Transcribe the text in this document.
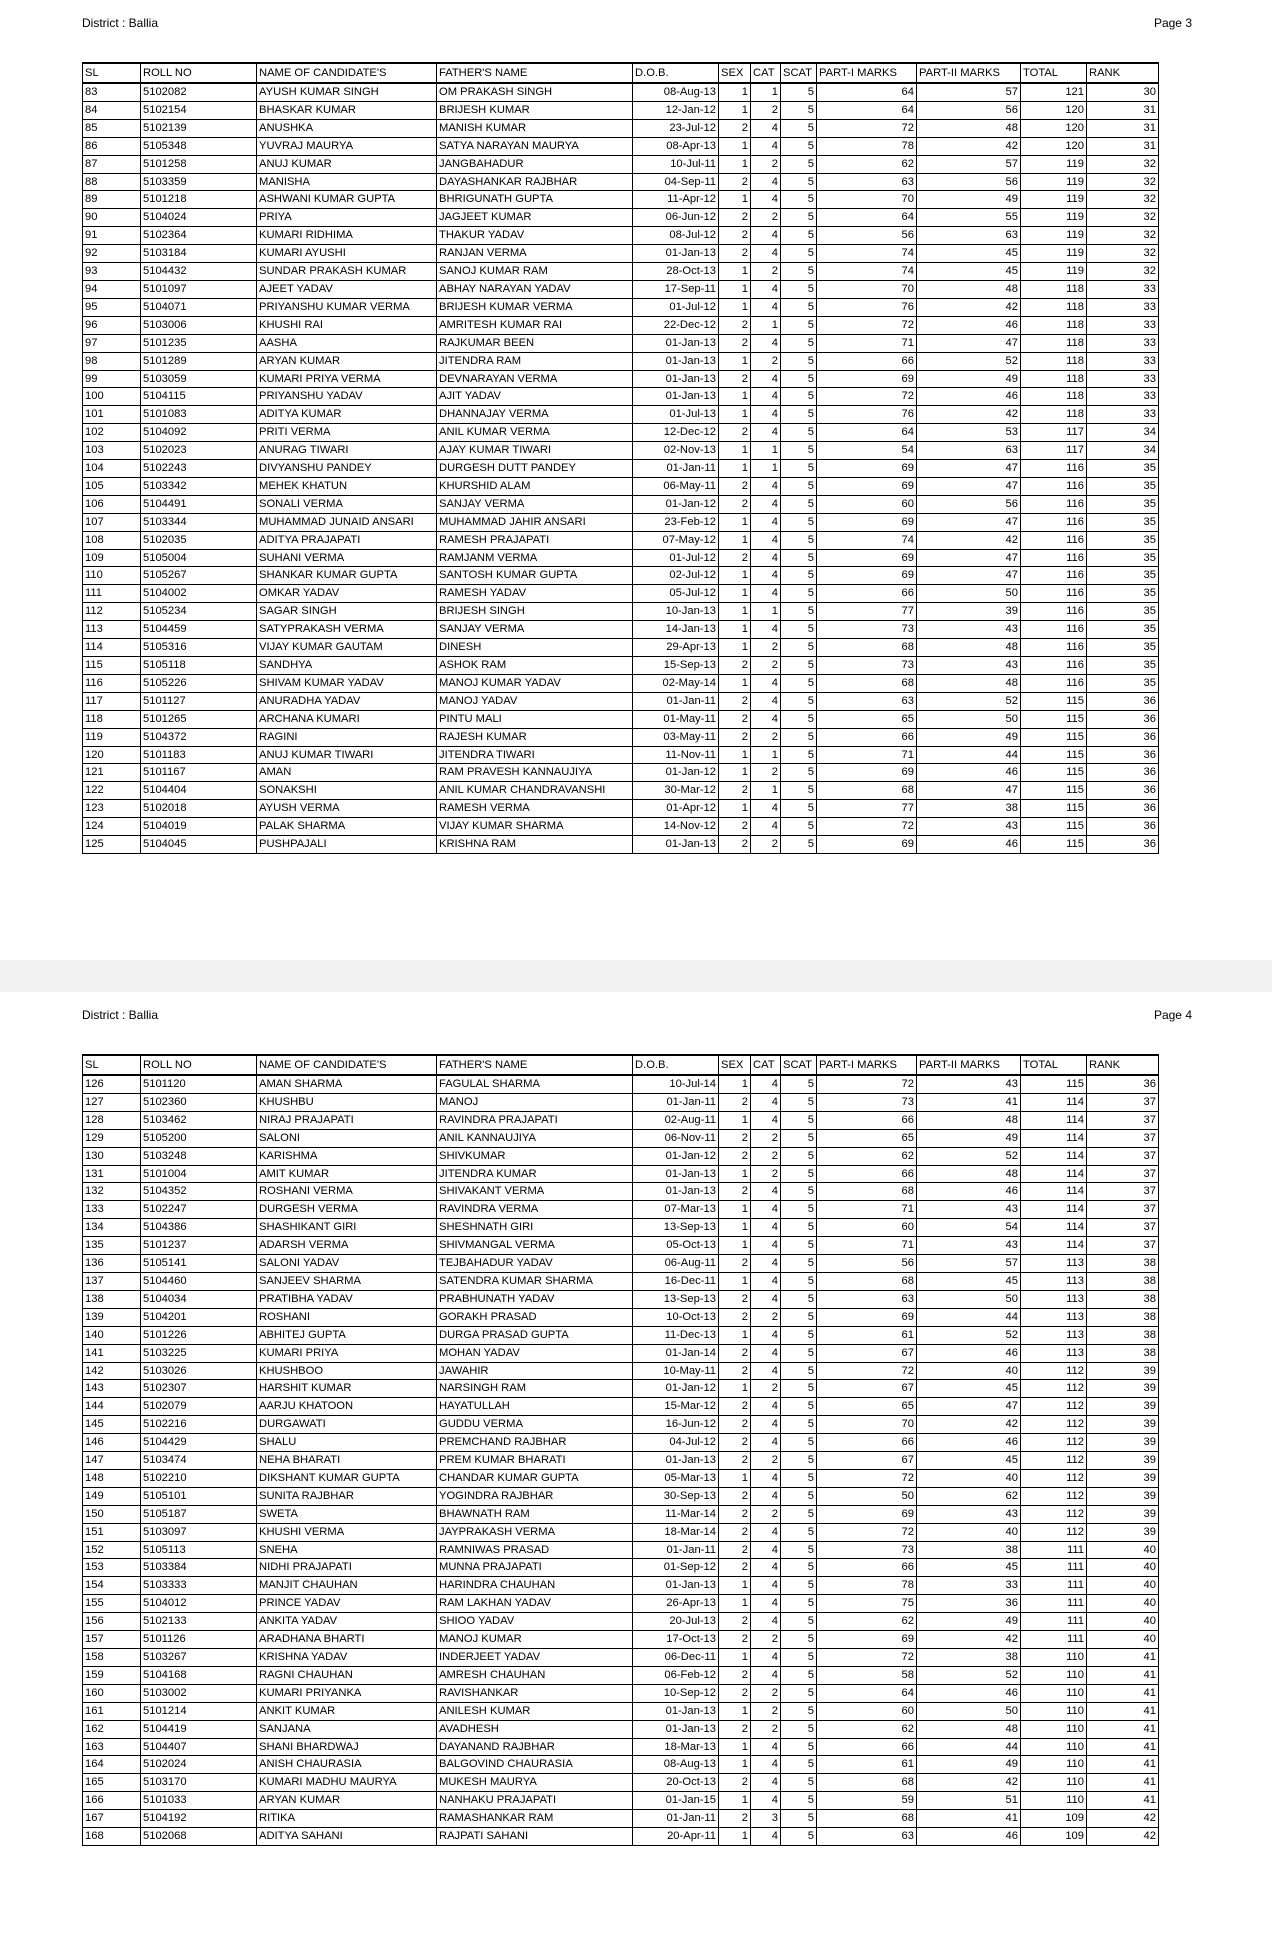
District : Ballia	Page 3
SL	ROLL NO	NAME OF CANDIDATE'S	FATHER'S NAME	D.O.B.	SEX	CAT	SCAT	PART-I MARKS	PART-II MARKS	TOTAL	RANK
83	5102082	AYUSH KUMAR SINGH	OM PRAKASH SINGH	08-Aug-13	1	1	5	64	57	121	30
84	5102154	BHASKAR KUMAR	BRIJESH KUMAR	12-Jan-12	1	2	5	64	56	120	31
85	5102139	ANUSHKA	MANISH KUMAR	23-Jul-12	2	4	5	72	48	120	31
86	5105348	YUVRAJ MAURYA	SATYA NARAYAN MAURYA	08-Apr-13	1	4	5	78	42	120	31
87	5101258	ANUJ KUMAR	JANGBAHADUR	10-Jul-11	1	2	5	62	57	119	32
88	5103359	MANISHA	DAYASHANKAR RAJBHAR	04-Sep-11	2	4	5	63	56	119	32
89	5101218	ASHWANI KUMAR GUPTA	BHRIGUNATH GUPTA	11-Apr-12	1	4	5	70	49	119	32
90	5104024	PRIYA	JAGJEET KUMAR	06-Jun-12	2	2	5	64	55	119	32
91	5102364	KUMARI RIDHIMA	THAKUR YADAV	08-Jul-12	2	4	5	56	63	119	32
92	5103184	KUMARI AYUSHI	RANJAN VERMA	01-Jan-13	2	4	5	74	45	119	32
93	5104432	SUNDAR PRAKASH KUMAR	SANOJ KUMAR RAM	28-Oct-13	1	2	5	74	45	119	32
94	5101097	AJEET YADAV	ABHAY NARAYAN YADAV	17-Sep-11	1	4	5	70	48	118	33
95	5104071	PRIYANSHU KUMAR VERMA	BRIJESH KUMAR VERMA	01-Jul-12	1	4	5	76	42	118	33
96	5103006	KHUSHI RAI	AMRITESH KUMAR RAI	22-Dec-12	2	1	5	72	46	118	33
97	5101235	AASHA	RAJKUMAR BEEN	01-Jan-13	2	4	5	71	47	118	33
98	5101289	ARYAN KUMAR	JITENDRA RAM	01-Jan-13	1	2	5	66	52	118	33
99	5103059	KUMARI PRIYA VERMA	DEVNARAYAN VERMA	01-Jan-13	2	4	5	69	49	118	33
100	5104115	PRIYANSHU YADAV	AJIT YADAV	01-Jan-13	1	4	5	72	46	118	33
101	5101083	ADITYA KUMAR	DHANNAJAY VERMA	01-Jul-13	1	4	5	76	42	118	33
102	5104092	PRITI VERMA	ANIL KUMAR VERMA	12-Dec-12	2	4	5	64	53	117	34
103	5102023	ANURAG TIWARI	AJAY KUMAR TIWARI	02-Nov-13	1	1	5	54	63	117	34
104	5102243	DIVYANSHU PANDEY	DURGESH DUTT PANDEY	01-Jan-11	1	1	5	69	47	116	35
105	5103342	MEHEK KHATUN	KHURSHID ALAM	06-May-11	2	4	5	69	47	116	35
106	5104491	SONALI VERMA	SANJAY VERMA	01-Jan-12	2	4	5	60	56	116	35
107	5103344	MUHAMMAD JUNAID ANSARI	MUHAMMAD JAHIR ANSARI	23-Feb-12	1	4	5	69	47	116	35
108	5102035	ADITYA PRAJAPATI	RAMESH PRAJAPATI	07-May-12	1	4	5	74	42	116	35
109	5105004	SUHANI VERMA	RAMJANM VERMA	01-Jul-12	2	4	5	69	47	116	35
110	5105267	SHANKAR KUMAR GUPTA	SANTOSH KUMAR GUPTA	02-Jul-12	1	4	5	69	47	116	35
111	5104002	OMKAR YADAV	RAMESH YADAV	05-Jul-12	1	4	5	66	50	116	35
112	5105234	SAGAR SINGH	BRIJESH SINGH	10-Jan-13	1	1	5	77	39	116	35
113	5104459	SATYPRAKASH VERMA	SANJAY VERMA	14-Jan-13	1	4	5	73	43	116	35
114	5105316	VIJAY KUMAR GAUTAM	DINESH	29-Apr-13	1	2	5	68	48	116	35
115	5105118	SANDHYA	ASHOK RAM	15-Sep-13	2	2	5	73	43	116	35
116	5105226	SHIVAM KUMAR YADAV	MANOJ KUMAR YADAV	02-May-14	1	4	5	68	48	116	35
117	5101127	ANURADHA YADAV	MANOJ YADAV	01-Jan-11	2	4	5	63	52	115	36
118	5101265	ARCHANA KUMARI	PINTU MALI	01-May-11	2	4	5	65	50	115	36
119	5104372	RAGINI	RAJESH KUMAR	03-May-11	2	2	5	66	49	115	36
120	5101183	ANUJ KUMAR TIWARI	JITENDRA TIWARI	11-Nov-11	1	1	5	71	44	115	36
121	5101167	AMAN	RAM PRAVESH KANNAUJIYA	01-Jan-12	1	2	5	69	46	115	36
122	5104404	SONAKSHI	ANIL KUMAR CHANDRAVANSHI	30-Mar-12	2	1	5	68	47	115	36
123	5102018	AYUSH VERMA	RAMESH VERMA	01-Apr-12	1	4	5	77	38	115	36
124	5104019	PALAK SHARMA	VIJAY KUMAR SHARMA	14-Nov-12	2	4	5	72	43	115	36
125	5104045	PUSHPAJALI	KRISHNA RAM	01-Jan-13	2	2	5	69	46	115	36
District : Ballia	Page 4
SL	ROLL NO	NAME OF CANDIDATE'S	FATHER'S NAME	D.O.B.	SEX	CAT	SCAT	PART-I MARKS	PART-II MARKS	TOTAL	RANK
126	5101120	AMAN SHARMA	FAGULAL SHARMA	10-Jul-14	1	4	5	72	43	115	36
127	5102360	KHUSHBU	MANOJ	01-Jan-11	2	4	5	73	41	114	37
128	5103462	NIRAJ PRAJAPATI	RAVINDRA PRAJAPATI	02-Aug-11	1	4	5	66	48	114	37
129	5105200	SALONI	ANIL KANNAUJIYA	06-Nov-11	2	2	5	65	49	114	37
130	5103248	KARISHMA	SHIVKUMAR	01-Jan-12	2	2	5	62	52	114	37
131	5101004	AMIT KUMAR	JITENDRA KUMAR	01-Jan-13	1	2	5	66	48	114	37
132	5104352	ROSHANI VERMA	SHIVAKANT VERMA	01-Jan-13	2	4	5	68	46	114	37
133	5102247	DURGESH VERMA	RAVINDRA VERMA	07-Mar-13	1	4	5	71	43	114	37
134	5104386	SHASHIKANT GIRI	SHESHNATH GIRI	13-Sep-13	1	4	5	60	54	114	37
135	5101237	ADARSH VERMA	SHIVMANGAL VERMA	05-Oct-13	1	4	5	71	43	114	37
136	5105141	SALONI YADAV	TEJBAHADUR YADAV	06-Aug-11	2	4	5	56	57	113	38
137	5104460	SANJEEV SHARMA	SATENDRA KUMAR SHARMA	16-Dec-11	1	4	5	68	45	113	38
138	5104034	PRATIBHA YADAV	PRABHUNATH YADAV	13-Sep-13	2	4	5	63	50	113	38
139	5104201	ROSHANI	GORAKH PRASAD	10-Oct-13	2	2	5	69	44	113	38
140	5101226	ABHITEJ GUPTA	DURGA PRASAD GUPTA	11-Dec-13	1	4	5	61	52	113	38
141	5103225	KUMARI PRIYA	MOHAN YADAV	01-Jan-14	2	4	5	67	46	113	38
142	5103026	KHUSHBOO	JAWAHIR	10-May-11	2	4	5	72	40	112	39
143	5102307	HARSHIT KUMAR	NARSINGH RAM	01-Jan-12	1	2	5	67	45	112	39
144	5102079	AARJU KHATOON	HAYATULLAH	15-Mar-12	2	4	5	65	47	112	39
145	5102216	DURGAWATI	GUDDU VERMA	16-Jun-12	2	4	5	70	42	112	39
146	5104429	SHALU	PREMCHAND RAJBHAR	04-Jul-12	2	4	5	66	46	112	39
147	5103474	NEHA BHARATI	PREM KUMAR BHARATI	01-Jan-13	2	2	5	67	45	112	39
148	5102210	DIKSHANT KUMAR GUPTA	CHANDAR KUMAR GUPTA	05-Mar-13	1	4	5	72	40	112	39
149	5105101	SUNITA RAJBHAR	YOGINDRA RAJBHAR	30-Sep-13	2	4	5	50	62	112	39
150	5105187	SWETA	BHAWNATH RAM	11-Mar-14	2	2	5	69	43	112	39
151	5103097	KHUSHI VERMA	JAYPRAKASH VERMA	18-Mar-14	2	4	5	72	40	112	39
152	5105113	SNEHA	RAMNIWAS PRASAD	01-Jan-11	2	4	5	73	38	111	40
153	5103384	NIDHI PRAJAPATI	MUNNA PRAJAPATI	01-Sep-12	2	4	5	66	45	111	40
154	5103333	MANJIT CHAUHAN	HARINDRA CHAUHAN	01-Jan-13	1	4	5	78	33	111	40
155	5104012	PRINCE YADAV	RAM LAKHAN YADAV	26-Apr-13	1	4	5	75	36	111	40
156	5102133	ANKITA YADAV	SHIOO YADAV	20-Jul-13	2	4	5	62	49	111	40
157	5101126	ARADHANA BHARTI	MANOJ KUMAR	17-Oct-13	2	2	5	69	42	111	40
158	5103267	KRISHNA YADAV	INDERJEET YADAV	06-Dec-11	1	4	5	72	38	110	41
159	5104168	RAGNI CHAUHAN	AMRESH CHAUHAN	06-Feb-12	2	4	5	58	52	110	41
160	5103002	KUMARI PRIYANKA	RAVISHANKAR	10-Sep-12	2	2	5	64	46	110	41
161	5101214	ANKIT KUMAR	ANILESH KUMAR	01-Jan-13	1	2	5	60	50	110	41
162	5104419	SANJANA	AVADHESH	01-Jan-13	2	2	5	62	48	110	41
163	5104407	SHANI BHARDWAJ	DAYANAND RAJBHAR	18-Mar-13	1	4	5	66	44	110	41
164	5102024	ANISH CHAURASIA	BALGOVIND CHAURASIA	08-Aug-13	1	4	5	61	49	110	41
165	5103170	KUMARI MADHU MAURYA	MUKESH MAURYA	20-Oct-13	2	4	5	68	42	110	41
166	5101033	ARYAN KUMAR	NANHAKU PRAJAPATI	01-Jan-15	1	4	5	59	51	110	41
167	5104192	RITIKA	RAMASHANKAR RAM	01-Jan-11	2	3	5	68	41	109	42
168	5102068	ADITYA SAHANI	RAJPATI SAHANI	20-Apr-11	1	4	5	63	46	109	42
